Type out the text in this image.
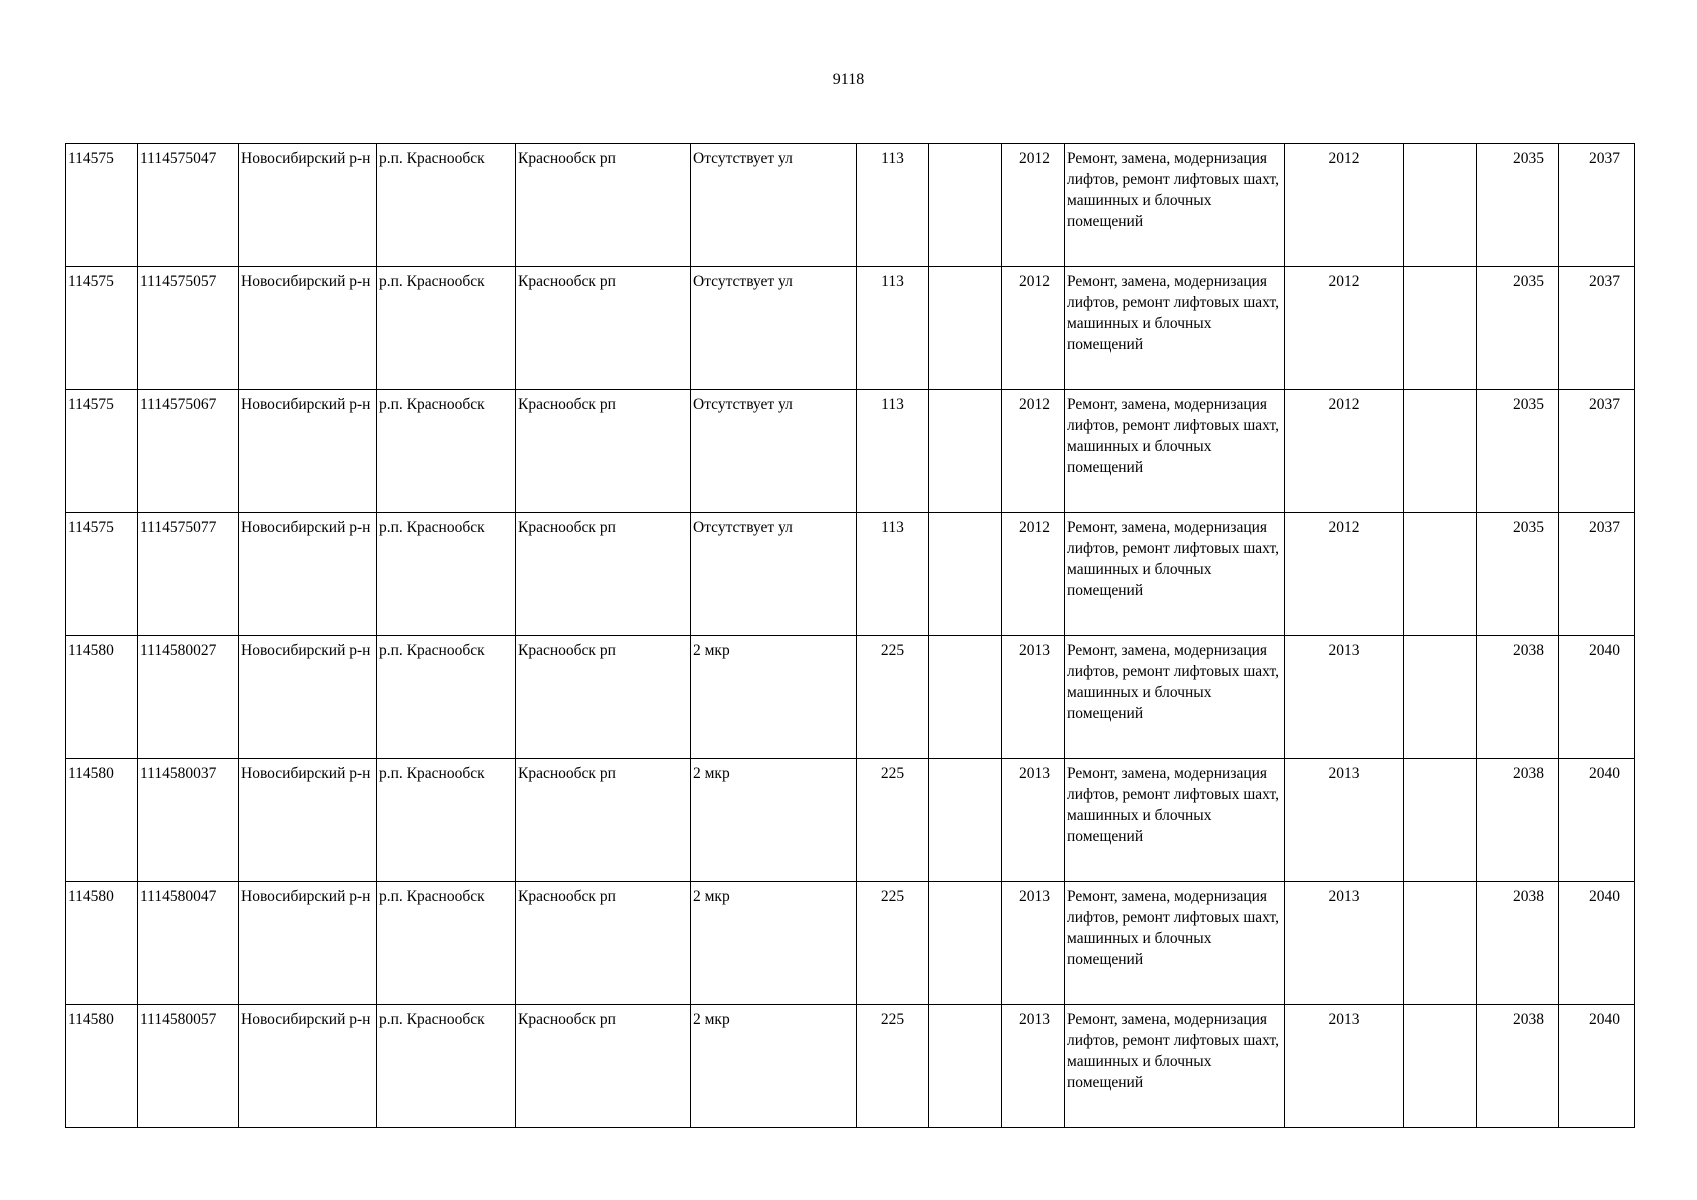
9118
114575	1114575047	Новосибирский р-н	р.п. Краснообск	Краснообск рп	Отсутствует ул	113		2012	Ремонт, замена, модернизация лифтов, ремонт лифтовых шахт, машинных и блочных помещений	2012		2035	2037
114575	1114575057	Новосибирский р-н	р.п. Краснообск	Краснообск рп	Отсутствует ул	113		2012	Ремонт, замена, модернизация лифтов, ремонт лифтовых шахт, машинных и блочных помещений	2012		2035	2037
114575	1114575067	Новосибирский р-н	р.п. Краснообск	Краснообск рп	Отсутствует ул	113		2012	Ремонт, замена, модернизация лифтов, ремонт лифтовых шахт, машинных и блочных помещений	2012		2035	2037
114575	1114575077	Новосибирский р-н	р.п. Краснообск	Краснообск рп	Отсутствует ул	113		2012	Ремонт, замена, модернизация лифтов, ремонт лифтовых шахт, машинных и блочных помещений	2012		2035	2037
114580	1114580027	Новосибирский р-н	р.п. Краснообск	Краснообск рп	2 мкр	225		2013	Ремонт, замена, модернизация лифтов, ремонт лифтовых шахт, машинных и блочных помещений	2013		2038	2040
114580	1114580037	Новосибирский р-н	р.п. Краснообск	Краснообск рп	2 мкр	225		2013	Ремонт, замена, модернизация лифтов, ремонт лифтовых шахт, машинных и блочных помещений	2013		2038	2040
114580	1114580047	Новосибирский р-н	р.п. Краснообск	Краснообск рп	2 мкр	225		2013	Ремонт, замена, модернизация лифтов, ремонт лифтовых шахт, машинных и блочных помещений	2013		2038	2040
114580	1114580057	Новосибирский р-н	р.п. Краснообск	Краснообск рп	2 мкр	225		2013	Ремонт, замена, модернизация лифтов, ремонт лифтовых шахт, машинных и блочных помещений	2013		2038	2040
